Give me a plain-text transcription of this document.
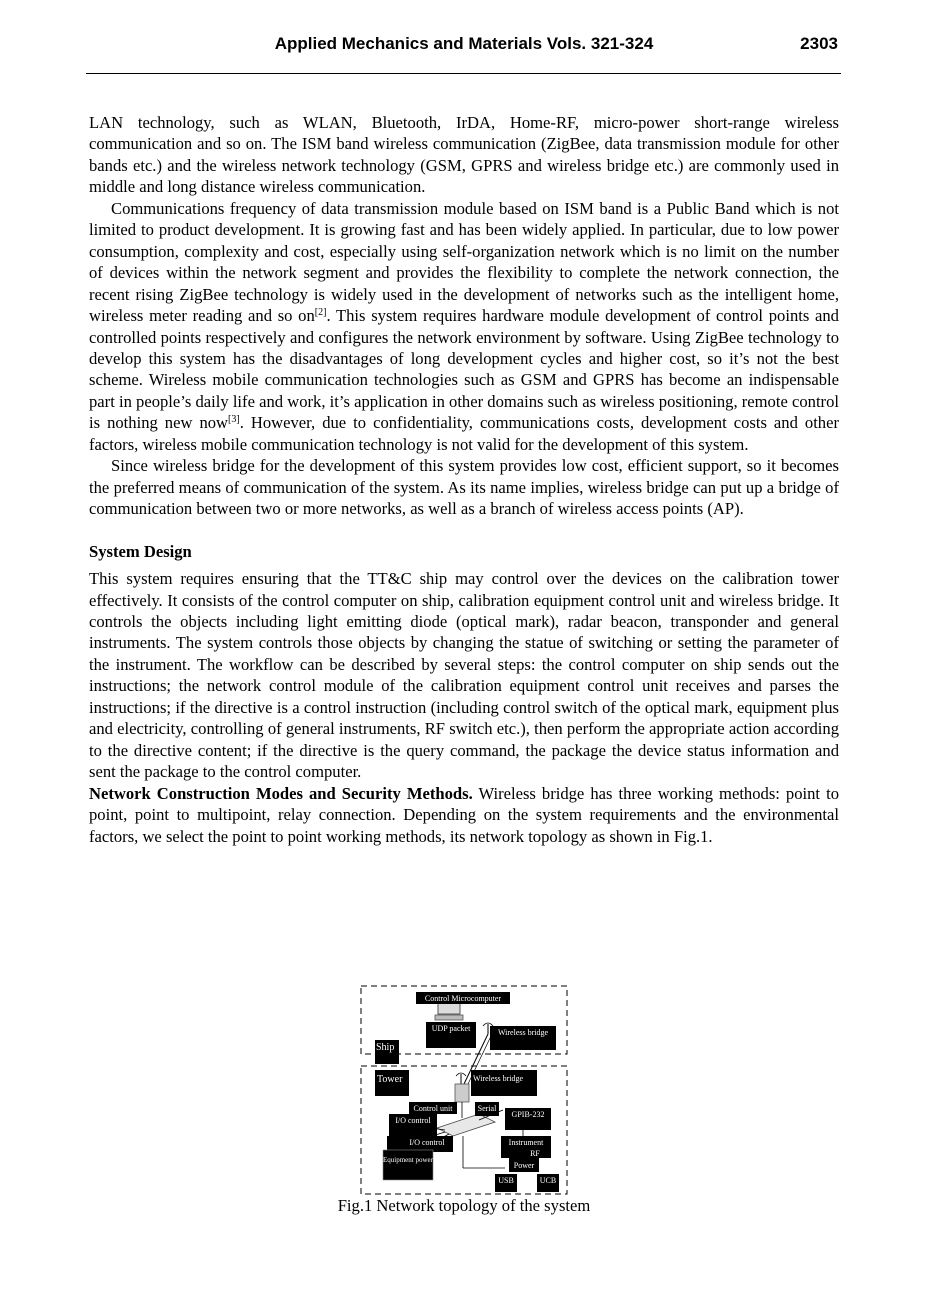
Applied Mechanics and Materials Vols. 321-324	2303

LAN technology, such as WLAN, Bluetooth, IrDA, Home-RF, micro-power short-range wireless communication and so on. The ISM band wireless communication (ZigBee, data transmission module for other bands etc.) and the wireless network technology (GSM, GPRS and wireless bridge etc.) are commonly used in middle and long distance wireless communication.

Communications frequency of data transmission module based on ISM band is a Public Band which is not limited to product development. It is growing fast and has been widely applied. In particular, due to low power consumption, complexity and cost, especially using self-organization network which is no limit on the number of devices within the network segment and provides the flexibility to complete the network connection, the recent rising ZigBee technology is widely used in the development of networks such as the intelligent home, wireless meter reading and so on[2]. This system requires hardware module development of control points and controlled points respectively and configures the network environment by software. Using ZigBee technology to develop this system has the disadvantages of long development cycles and higher cost, so it’s not the best scheme. Wireless mobile communication technologies such as GSM and GPRS has become an indispensable part in people’s daily life and work, it’s application in other domains such as wireless positioning, remote control is nothing new now[3]. However, due to confidentiality, communications costs, development costs and other factors, wireless mobile communication technology is not valid for the development of this system.

Since wireless bridge for the development of this system provides low cost, efficient support, so it becomes the preferred means of communication of the system. As its name implies, wireless bridge can put up a bridge of communication between two or more networks, as well as a branch of wireless access points (AP).

System Design

This system requires ensuring that the TT&C ship may control over the devices on the calibration tower effectively. It consists of the control computer on ship, calibration equipment control unit and wireless bridge. It controls the objects including light emitting diode (optical mark), radar beacon, transponder and general instruments. The system controls those objects by changing the statue of switching or setting the parameter of the instrument. The workflow can be described by several steps: the control computer on ship sends out the instructions; the network control module of the calibration equipment control unit receives and parses the instructions; if the directive is a control instruction (including control switch of the optical mark, equipment plus and electricity, controlling of general instruments, RF switch etc.), then perform the appropriate action according to the directive content; if the directive is the query command, the package the device status information and sent the package to the control computer.

Network Construction Modes and Security Methods. Wireless bridge has three working methods: point to point, point to multipoint, relay connection. Depending on the system requirements and the environmental factors, we select the point to point working methods, its network topology as shown in Fig.1.

Control Microcomputer
UDP packet	Wireless bridge
Ship
Tower	Wireless bridge
Control unit	Serial
GPIB-232
I/O control
I/O control	Instrument
RF
Equipment power
Power
USB	UCB
Fig.1 Network topology of the system
